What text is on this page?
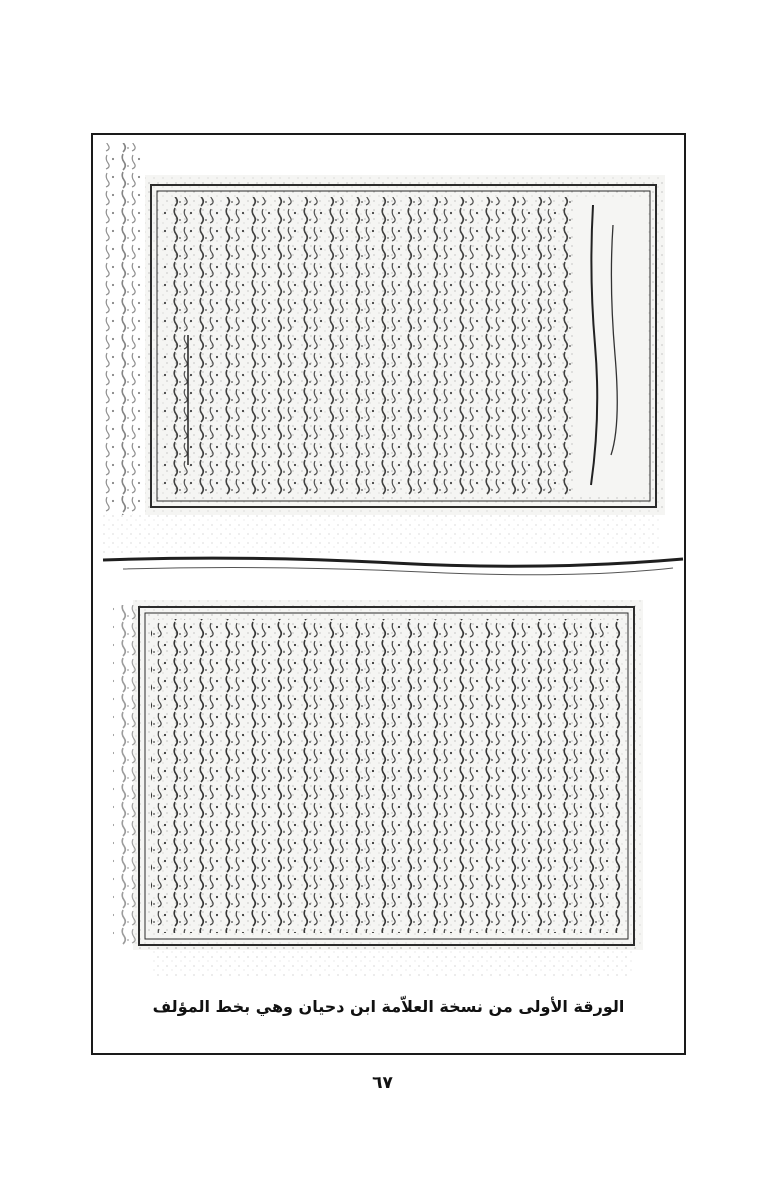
الورقة الأولى من نسخة العلاّمة ابن دحيان وهي بخط المؤلف
٦٧
